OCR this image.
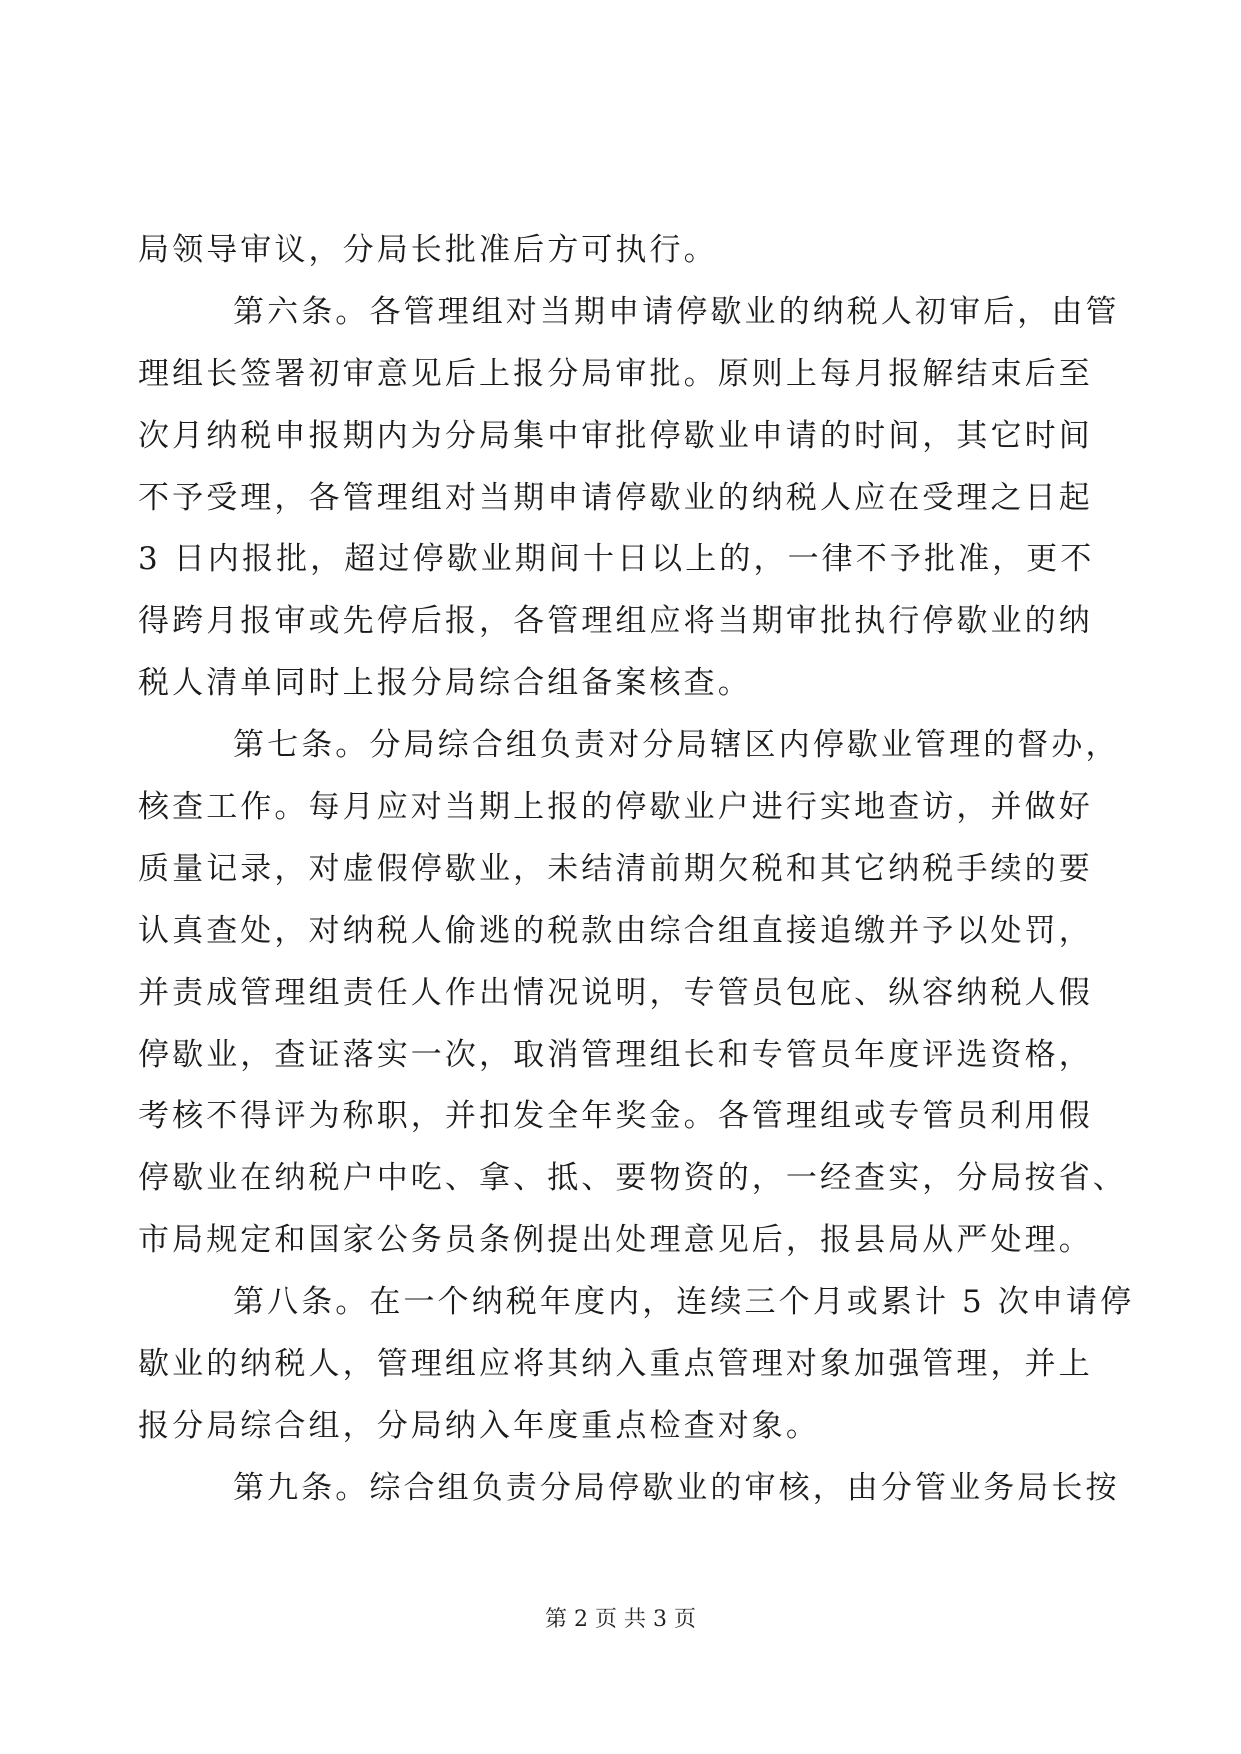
局领导审议，分局长批准后方可执行。
第六条。各管理组对当期申请停歇业的纳税人初审后，由管
理组长签署初审意见后上报分局审批。原则上每月报解结束后至
次月纳税申报期内为分局集中审批停歇业申请的时间，其它时间
不予受理，各管理组对当期申请停歇业的纳税人应在受理之日起
3 日内报批，超过停歇业期间十日以上的，一律不予批准，更不
得跨月报审或先停后报，各管理组应将当期审批执行停歇业的纳
税人清单同时上报分局综合组备案核查。
第七条。分局综合组负责对分局辖区内停歇业管理的督办，
核查工作。每月应对当期上报的停歇业户进行实地查访，并做好
质量记录，对虚假停歇业，未结清前期欠税和其它纳税手续的要
认真查处，对纳税人偷逃的税款由综合组直接追缴并予以处罚，
并责成管理组责任人作出情况说明，专管员包庇、纵容纳税人假
停歇业，查证落实一次，取消管理组长和专管员年度评选资格，
考核不得评为称职，并扣发全年奖金。各管理组或专管员利用假
停歇业在纳税户中吃、拿、抵、要物资的，一经查实，分局按省、
市局规定和国家公务员条例提出处理意见后，报县局从严处理。
第八条。在一个纳税年度内，连续三个月或累计 5 次申请停
歇业的纳税人，管理组应将其纳入重点管理对象加强管理，并上
报分局综合组，分局纳入年度重点检查对象。
第九条。综合组负责分局停歇业的审核，由分管业务局长按
第 2 页 共 3 页
